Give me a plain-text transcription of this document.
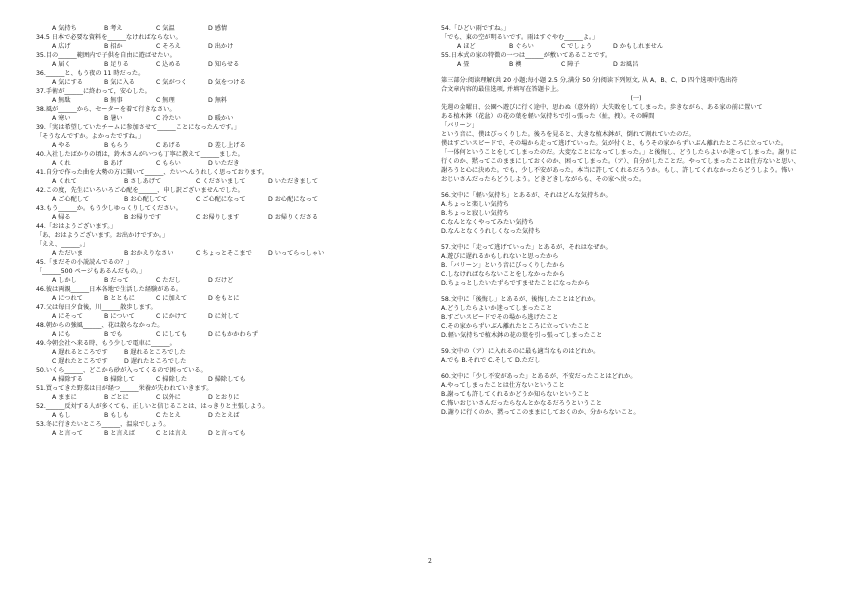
A 気持ち	B 考え	C 気温	D 感情
34.5 日本で必要な資料を______なければならない。
A 広げ	B 招か	C そろえ	D 出かけ
35.目の______範囲内で子供を自由に遊ばせたい。
A 届く	B 足りる	C 込める	D 知らせる
36.______と、もう夜の 11 時だった。
A 気にする	B 気に入る	C 気がつく	D 気をつける
37.手術が______に終わって，安心した。
A 無駄	B 無事	C 無理	D 無料
38.風が______から、セーターを着て行きなさい。
A 寒い	B 暑い	C 冷たい	D 暖かい
39.「実は希望していたチームに参加させて______ことになったんです。」
「そうなんですか。よかったですね。」
A やる	B もらう	C あげる	D 差し上げる
40.入社したばかりの頃は，鈴木さんがいつも丁寧に教えて______ました。
A くれ	B あげ	C もらい	D いただき
41.自分で作った曲を大勢の方に聞いて______、たいへんうれしく思っております。
A くれて	B さしあげて	C くださいまして	D いただきまして
42.この度，先生にいろいろご心配を______、申し訳ございませんでした。
A ご心配して	B お心配してて	C ご心配になって	D お心配になって
43.もう______か。もう少しゆっくりしてください。
A 帰る	B お帰りです	C お帰りします	D お帰りくださる
44.「おはようございます。」
「あ、おはようございます。お出かけですか。」
「ええ、______。」
A ただいま	B おかえりなさい	C ちょっとそこまで	D いってらっしゃい
45.「まだその小説読んでるの？」
「______500 ページもあるんだもの。」
A しかし	B だって	C ただし	D だけど
46.彼は両親______日本各地で生活した経験がある。
A につれて	B とともに	C に加えて	D をもとに
47.父は毎日夕食後，川______散歩します。
A にそって	B について	C にかけて	D に対して
48.朝からの強風______、花は散らなかった。
A にも	B でも	C にしても	D にもかかわらず
49.今朝会社へ来る時、もう少しで電車に______。
A 遅れるところです	B 遅れるところでした
C 遅れたところです	D 遅れたところでした
50.いくら______、どこから砂が入ってくるので困っている。
A 掃除する	B 掃除して	C 掃除した	D 掃除しても
51.買ってきた野菜は日が経つ______栄養が失われていきます。
A ままに	B ごとに	C 以外に	D とおりに
52.______反対する人が多くても、正しいと信じることは、はっきりと主張しよう。
A もし	B もしも	C たとえ	D たとえば
53.冬に行きたいところ______、温泉でしょう。
A と言って	B と言えば	C とは言え	D と言っても
54.「ひどい雨ですね。」
「でも、東の空が明るいです。雨はすぐやむ______よ。」
A ほど	B ぐらい	C でしょう	D かもしれません
55.日本式の家の特徴の一つは______が敷いてあることです。
A 畳	B 襖	C 障子	D お風呂
第三部分:阅读理解(共 20 小题;每小题 2.5 分,满分 50 分)阅读下列短文, 从 A、B、C、D 四个选项中选出符
合文章内容的最佳选项, 并填写在答题卡上。
(一)
先週の金曜日、公園へ遊びに行く途中、思わぬ（意外的）大失敗をしてしまった。歩きながら、ある家の前に置いて
ある植木鉢（花盆）の花の葉を軽い気持ちで引っ張った（扯，拽）。その瞬間
「バリーン」
という音に、僕はびっくりした。後ろを見ると、大きな植木鉢が、倒れて割れていたのだ。
僕はすごいスピードで、その場から走って逃げていった。気が付くと、もうその家からずいぶん離れたところに立っていた。
「一体何ということをしてしまったのだ。大変なことになってしまった。」と後悔し、どうしたらよいか迷ってしまった。謝りに
行くのか、黙ってこのままにしておくのか、困ってしまった。（ア）、自分がしたことだ。やってしまったことは仕方ないと思い、
謝ろうと心に決めた。でも、少し不安があった。本当に許してくれるだろうか。もし、許してくれなかったらどうしよう。怖い
おじいさんだったらどうしよう。どきどきしながらも、その家へ戻った。
56.文中に「軽い気持ち」とあるが、それはどんな気持ちか。
A.ちょっと楽しい気持ち
B.ちょっと寂しい気持ち
C.なんとなくやってみたい気持ち
D.なんとなくうれしくなった気持ち
57.文中に「走って逃げていった」とあるが、それはなぜか。
A.遊びに遅れるかもしれないと思ったから
B.「バリーン」という音にびっくりしたから
C.しなければならないことをしなかったから
D.ちょっとしたいたずらですませたことになったから
58.文中に「後悔し」とあるが、後悔したことはどれか。
A.どうしたらよいか迷ってしまったこと
B.すごいスピードでその場から逃げたこと
C.その家からずいぶん離れたところに立っていたこと
D.軽い気持ちで植木鉢の花の葉を引っ張ってしまったこと
59.文中の（ア）に入れるのに最も適当なものはどれか。
A.でも B.それで C.そして D.ただし
60.文中に「少し不安があった」とあるが、不安だったことはどれか。
A.やってしまったことは仕方ないということ
B.謝っても許してくれるかどうか知らないということ
C.怖いおじいさんだったらなんとかなるだろうということ
D.謝りに行くのか、黙ってこのままにしておくのか、分からないこと。
2
